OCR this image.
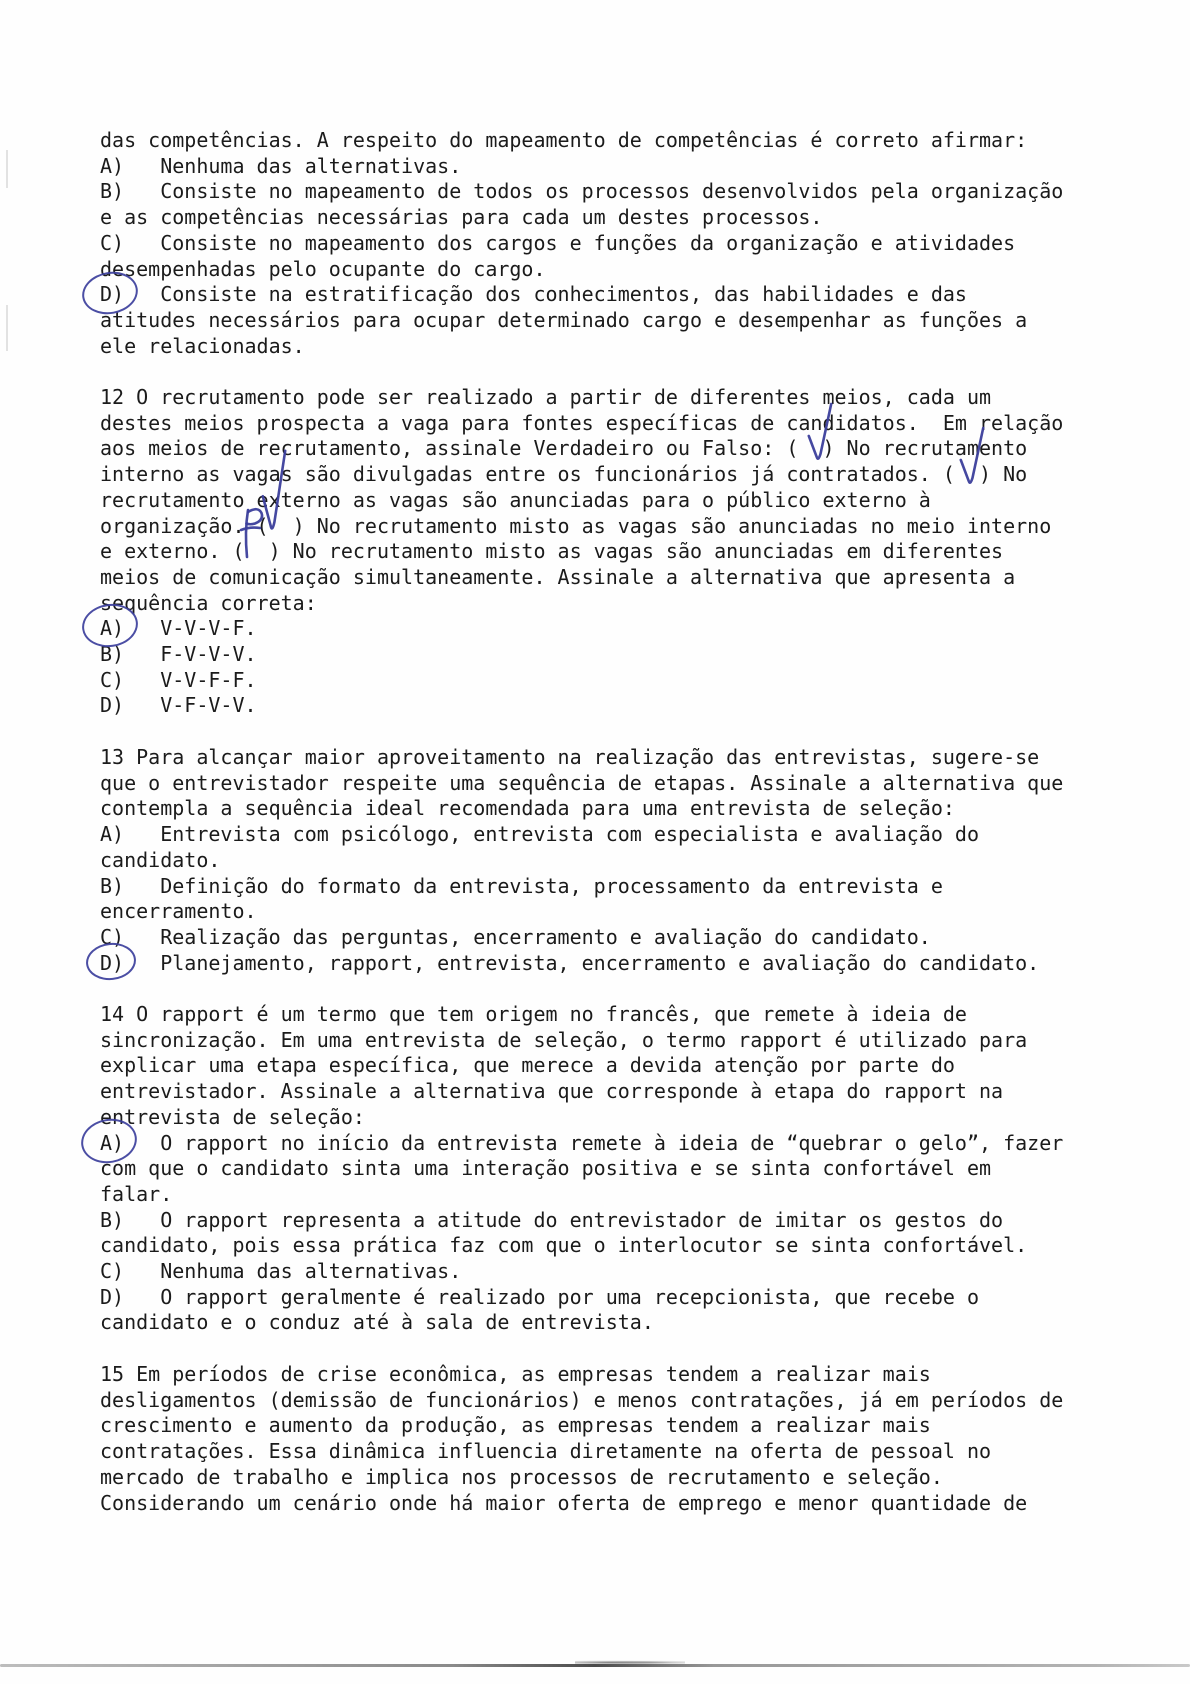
das competências. A respeito do mapeamento de competências é correto afirmar:
A)   Nenhuma das alternativas.
B)   Consiste no mapeamento de todos os processos desenvolvidos pela organização
e as competências necessárias para cada um destes processos.
C)   Consiste no mapeamento dos cargos e funções da organização e atividades
desempenhadas pelo ocupante do cargo.
D)   Consiste na estratificação dos conhecimentos, das habilidades e das
atitudes necessários para ocupar determinado cargo e desempenhar as funções a
ele relacionadas.
12 O recrutamento pode ser realizado a partir de diferentes meios, cada um
destes meios prospecta a vaga para fontes específicas de candidatos.  Em relação
aos meios de recrutamento, assinale Verdadeiro ou Falso: (  ) No recrutamento
interno as vagas são divulgadas entre os funcionários já contratados. (  ) No
recrutamento externo as vagas são anunciadas para o público externo à
organização. (  ) No recrutamento misto as vagas são anunciadas no meio interno
e externo. (  ) No recrutamento misto as vagas são anunciadas em diferentes
meios de comunicação simultaneamente. Assinale a alternativa que apresenta a
sequência correta:
A)   V-V-V-F.
B)   F-V-V-V.
C)   V-V-F-F.
D)   V-F-V-V.
13 Para alcançar maior aproveitamento na realização das entrevistas, sugere-se
que o entrevistador respeite uma sequência de etapas. Assinale a alternativa que
contempla a sequência ideal recomendada para uma entrevista de seleção:
A)   Entrevista com psicólogo, entrevista com especialista e avaliação do
candidato.
B)   Definição do formato da entrevista, processamento da entrevista e
encerramento.
C)   Realização das perguntas, encerramento e avaliação do candidato.
D)   Planejamento, rapport, entrevista, encerramento e avaliação do candidato.
14 O rapport é um termo que tem origem no francês, que remete à ideia de
sincronização. Em uma entrevista de seleção, o termo rapport é utilizado para
explicar uma etapa específica, que merece a devida atenção por parte do
entrevistador. Assinale a alternativa que corresponde à etapa do rapport na
entrevista de seleção:
A)   O rapport no início da entrevista remete à ideia de “quebrar o gelo”, fazer
com que o candidato sinta uma interação positiva e se sinta confortável em
falar.
B)   O rapport representa a atitude do entrevistador de imitar os gestos do
candidato, pois essa prática faz com que o interlocutor se sinta confortável.
C)   Nenhuma das alternativas.
D)   O rapport geralmente é realizado por uma recepcionista, que recebe o
candidato e o conduz até à sala de entrevista.
15 Em períodos de crise econômica, as empresas tendem a realizar mais
desligamentos (demissão de funcionários) e menos contratações, já em períodos de
crescimento e aumento da produção, as empresas tendem a realizar mais
contratações. Essa dinâmica influencia diretamente na oferta de pessoal no
mercado de trabalho e implica nos processos de recrutamento e seleção.
Considerando um cenário onde há maior oferta de emprego e menor quantidade de
